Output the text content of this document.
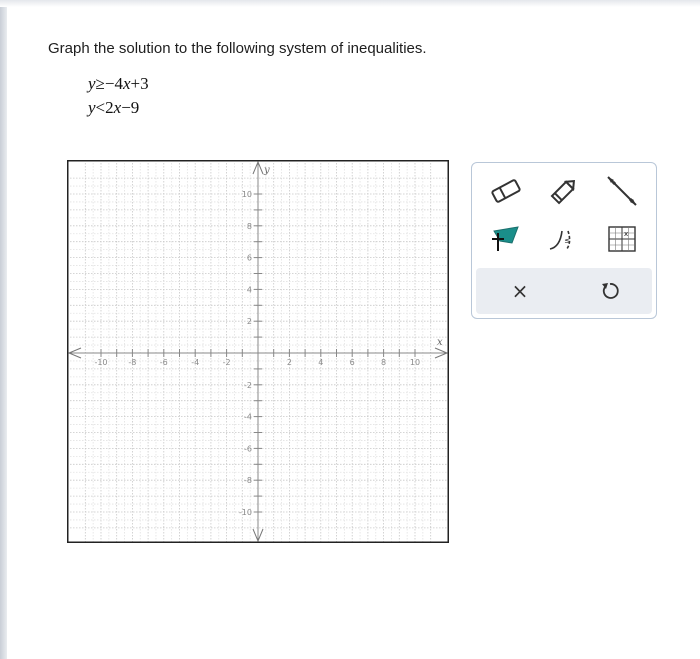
Graph the solution to the following system of inequalities.
y≥−4x+3
y<2x−9
-10	-8	-6	-4	-2	2	4	6	8	10
10
8
6
4
2
-2
-4
-6
-8
-10
x
y
≤
x
×
